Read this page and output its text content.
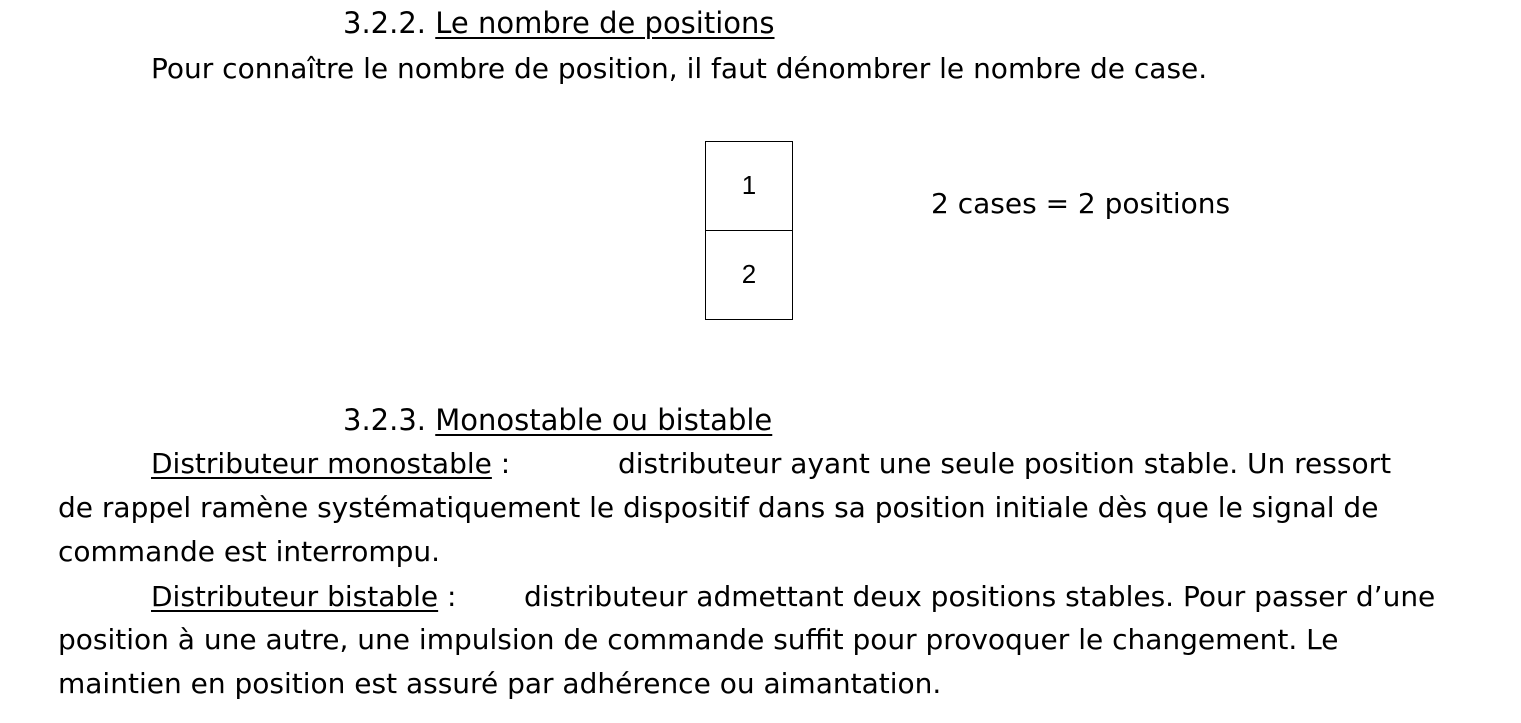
3.2.2. Le nombre de positions
Pour connaître le nombre de position, il faut dénombrer le nombre de case.
1
2
2 cases = 2 positions
3.2.3. Monostable ou bistable
Distributeur monostable :	distributeur ayant une seule position stable. Un ressort
de rappel ramène systématiquement le dispositif dans sa position initiale dès que le signal de
commande est interrompu.
Distributeur bistable : distributeur admettant deux positions stables. Pour passer d’une
position à une autre, une impulsion de commande suffit pour provoquer le changement. Le
maintien en position est assuré par adhérence ou aimantation.
